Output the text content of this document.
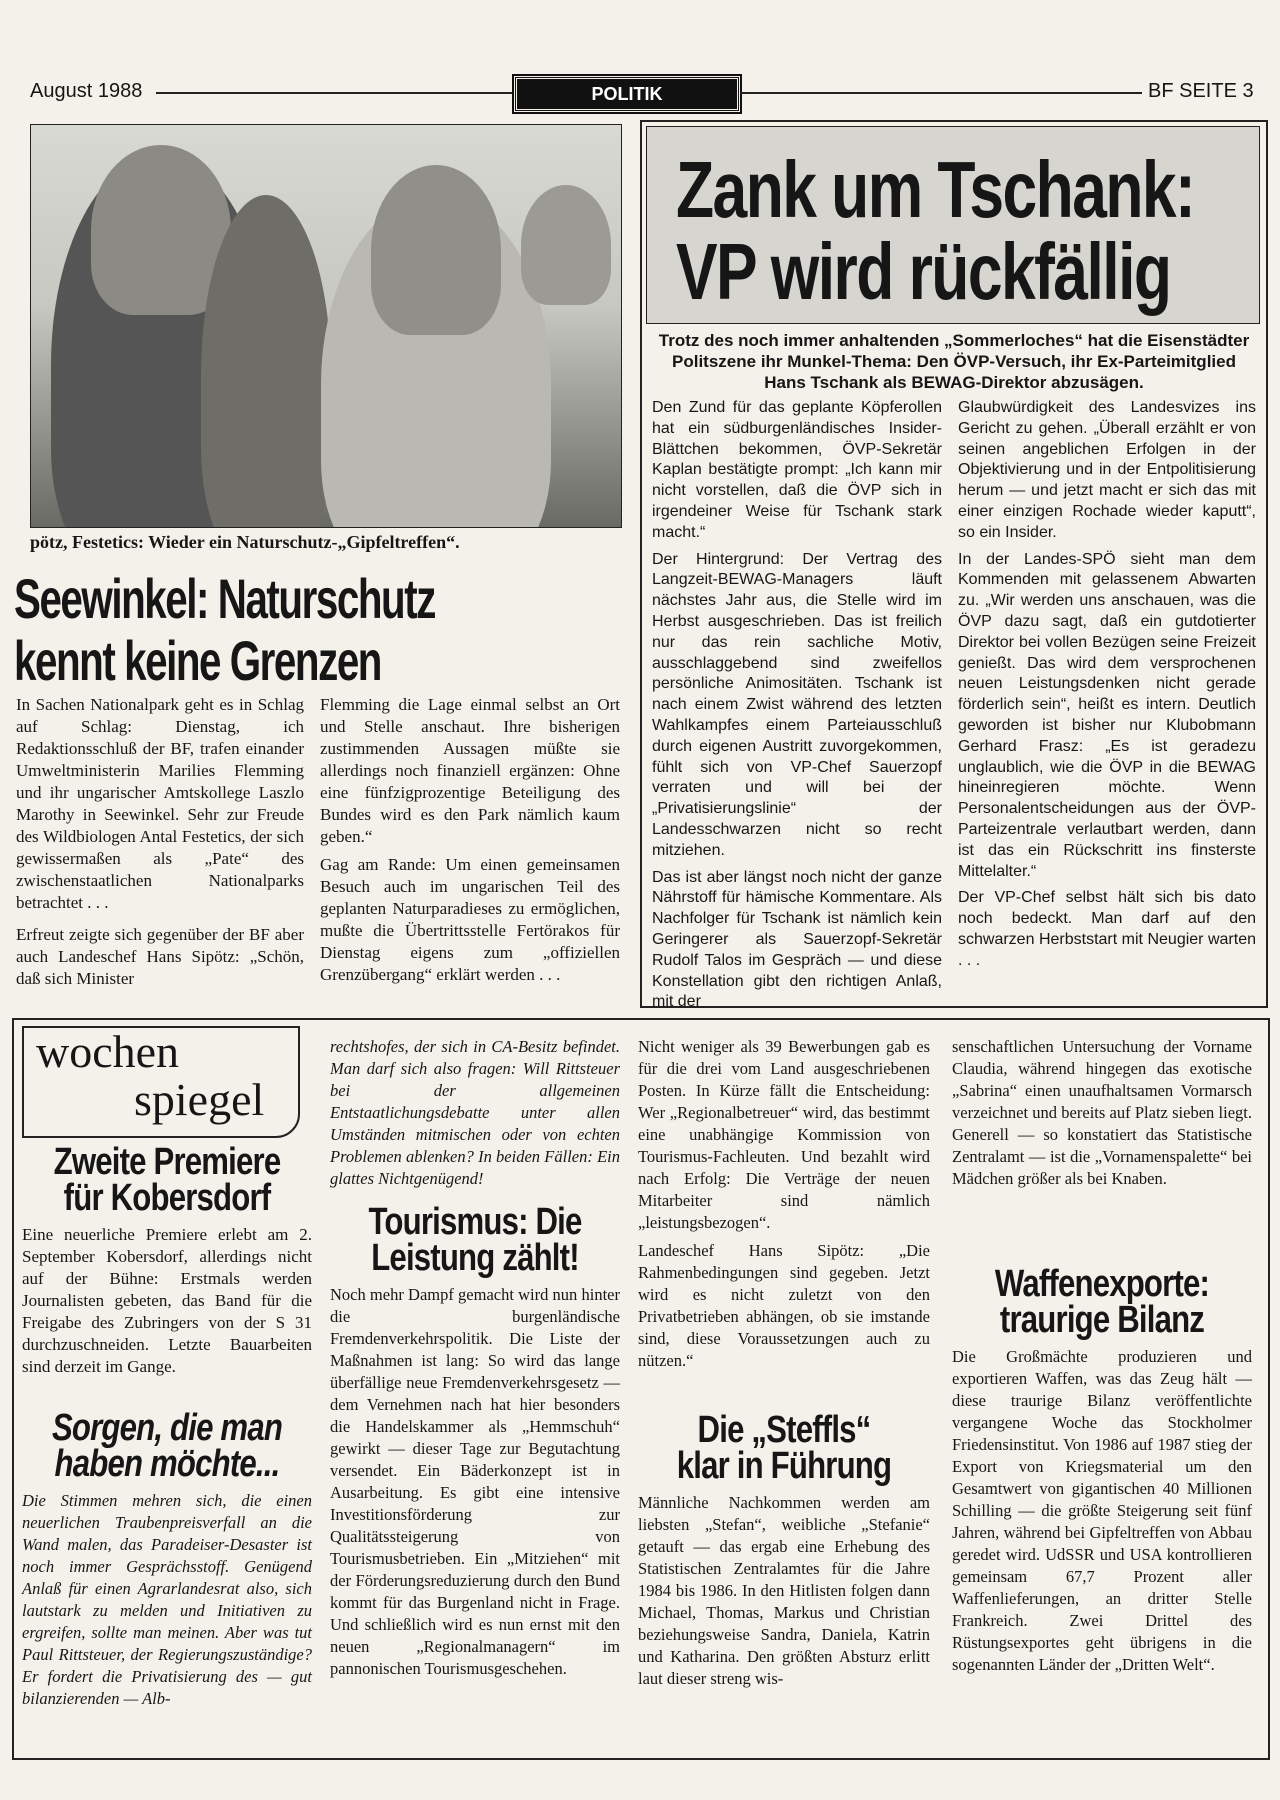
August 1988	POLITIK	BF SEITE 3
pötz, Festetics: Wieder ein Naturschutz-„Gipfeltreffen“.
Seewinkel: Naturschutz
kennt keine Grenzen

In Sachen Nationalpark geht es in Schlag auf Schlag: Dienstag, ich Redaktionsschluß der BF, trafen einander Umweltministerin Marilies Flemming und ihr ungarischer Amtskollege Laszlo Marothy in Seewinkel. Sehr zur Freude des Wildbiologen Antal Festetics, der sich gewissermaßen als „Pate“ des zwischenstaatlichen Nationalparks betrachtet . . .

Erfreut zeigte sich gegenüber der BF aber auch Landeschef Hans Sipötz: „Schön, daß sich Minister

Flemming die Lage einmal selbst an Ort und Stelle anschaut. Ihre bisherigen zustimmenden Aussagen müßte sie allerdings noch finanziell ergänzen: Ohne eine fünfzigprozentige Beteiligung des Bundes wird es den Park nämlich kaum geben.“

Gag am Rande: Um einen gemeinsamen Besuch auch im ungarischen Teil des geplanten Naturparadieses zu ermöglichen, mußte die Übertrittsstelle Fertörakos für Dienstag eigens zum „offiziellen Grenzübergang“ erklärt werden . . .

Zank um Tschank:
VP wird rückfällig
Trotz des noch immer anhaltenden „Sommerloches“ hat die Eisenstädter Politszene ihr Munkel-Thema: Den ÖVP-Versuch, ihr Ex-Parteimitglied Hans Tschank als BEWAG-Direktor abzusägen.

Den Zund für das geplante Köpferollen hat ein südburgenländisches Insider-Blättchen bekommen, ÖVP-Sekretär Kaplan bestätigte prompt: „Ich kann mir nicht vorstellen, daß die ÖVP sich in irgendeiner Weise für Tschank stark macht.“

Der Hintergrund: Der Vertrag des Langzeit-BEWAG-Managers läuft nächstes Jahr aus, die Stelle wird im Herbst ausgeschrieben. Das ist freilich nur das rein sachliche Motiv, ausschlaggebend sind zweifellos persönliche Animositäten. Tschank ist nach einem Zwist während des letzten Wahlkampfes einem Parteiausschluß durch eigenen Austritt zuvorgekommen, fühlt sich von VP-Chef Sauerzopf verraten und will bei der „Privatisierungslinie“ der Landesschwarzen nicht so recht mitziehen.

Das ist aber längst noch nicht der ganze Nährstoff für hämische Kommentare. Als Nachfolger für Tschank ist nämlich kein Geringerer als Sauerzopf-Sekretär Rudolf Talos im Gespräch — und diese Konstellation gibt den richtigen Anlaß, mit der

Glaubwürdigkeit des Landesvizes ins Gericht zu gehen. „Überall erzählt er von seinen angeblichen Erfolgen in der Objektivierung und in der Entpolitisierung herum — und jetzt macht er sich das mit einer einzigen Rochade wieder kaputt“, so ein Insider.

In der Landes-SPÖ sieht man dem Kommenden mit gelassenem Abwarten zu. „Wir werden uns anschauen, was die ÖVP dazu sagt, daß ein gutdotierter Direktor bei vollen Bezügen seine Freizeit genießt. Das wird dem versprochenen neuen Leistungsdenken nicht gerade förderlich sein“, heißt es intern. Deutlich geworden ist bisher nur Klubobmann Gerhard Frasz: „Es ist geradezu unglaublich, wie die ÖVP in die BEWAG hineinregieren möchte. Wenn Personalentscheidungen aus der ÖVP-Parteizentrale verlautbart werden, dann ist das ein Rückschritt ins finsterste Mittelalter.“

Der VP-Chef selbst hält sich bis dato noch bedeckt. Man darf auf den schwarzen Herbststart mit Neugier warten . . .

wochen
spiegel
Zweite Premiere
für Kobersdorf
Eine neuerliche Premiere erlebt am 2. September Kobersdorf, allerdings nicht auf der Bühne: Erstmals werden Journalisten gebeten, das Band für die Freigabe des Zubringers von der S 31 durchzuschneiden. Letzte Bauarbeiten sind derzeit im Gange.
Sorgen, die man
haben möchte...
Die Stimmen mehren sich, die einen neuerlichen Traubenpreisverfall an die Wand malen, das Paradeiser-Desaster ist noch immer Gesprächsstoff. Genügend Anlaß für einen Agrarlandesrat also, sich lautstark zu melden und Initiativen zu ergreifen, sollte man meinen. Aber was tut Paul Rittsteuer, der Regierungszuständige? Er fordert die Privatisierung des — gut bilanzierenden — Alb-
rechtshofes, der sich in CA-Besitz befindet. Man darf sich also fragen: Will Rittsteuer bei der allgemeinen Entstaatlichungsdebatte unter allen Umständen mitmischen oder von echten Problemen ablenken? In beiden Fällen: Ein glattes Nichtgenügend!
Tourismus: Die
Leistung zählt!
Noch mehr Dampf gemacht wird nun hinter die burgenländische Fremdenverkehrspolitik. Die Liste der Maßnahmen ist lang: So wird das lange überfällige neue Fremdenverkehrsgesetz — dem Vernehmen nach hat hier besonders die Handelskammer als „Hemmschuh“ gewirkt — dieser Tage zur Begutachtung versendet. Ein Bäderkonzept ist in Ausarbeitung. Es gibt eine intensive Investitionsförderung zur Qualitätssteigerung von Tourismusbetrieben. Ein „Mitziehen“ mit der Förderungsreduzierung durch den Bund kommt für das Burgenland nicht in Frage. Und schließlich wird es nun ernst mit den neuen „Regionalmanagern“ im pannonischen Tourismusgeschehen.

Nicht weniger als 39 Bewerbungen gab es für die drei vom Land ausgeschriebenen Posten. In Kürze fällt die Entscheidung: Wer „Regionalbetreuer“ wird, das bestimmt eine unabhängige Kommission von Tourismus-Fachleuten. Und bezahlt wird nach Erfolg: Die Verträge der neuen Mitarbeiter sind nämlich „leistungsbezogen“.

Landeschef Hans Sipötz: „Die Rahmenbedingungen sind gegeben. Jetzt wird es nicht zuletzt von den Privatbetrieben abhängen, ob sie imstande sind, diese Voraussetzungen auch zu nützen.“

Die „Steffls“
klar in Führung
Männliche Nachkommen werden am liebsten „Stefan“, weibliche „Stefanie“ getauft — das ergab eine Erhebung des Statistischen Zentralamtes für die Jahre 1984 bis 1986. In den Hitlisten folgen dann Michael, Thomas, Markus und Christian beziehungsweise Sandra, Daniela, Katrin und Katharina. Den größten Absturz erlitt laut dieser streng wis-
senschaftlichen Untersuchung der Vorname Claudia, während hingegen das exotische „Sabrina“ einen unaufhaltsamen Vormarsch verzeichnet und bereits auf Platz sieben liegt. Generell — so konstatiert das Statistische Zentralamt — ist die „Vornamenspalette“ bei Mädchen größer als bei Knaben.
Waffenexporte:
traurige Bilanz
Die Großmächte produzieren und exportieren Waffen, was das Zeug hält — diese traurige Bilanz veröffentlichte vergangene Woche das Stockholmer Friedensinstitut. Von 1986 auf 1987 stieg der Export von Kriegsmaterial um den Gesamtwert von gigantischen 40 Millionen Schilling — die größte Steigerung seit fünf Jahren, während bei Gipfeltreffen von Abbau geredet wird. UdSSR und USA kontrollieren gemeinsam 67,7 Prozent aller Waffenlieferungen, an dritter Stelle Frankreich. Zwei Drittel des Rüstungsexportes geht übrigens in die sogenannten Länder der „Dritten Welt“.
